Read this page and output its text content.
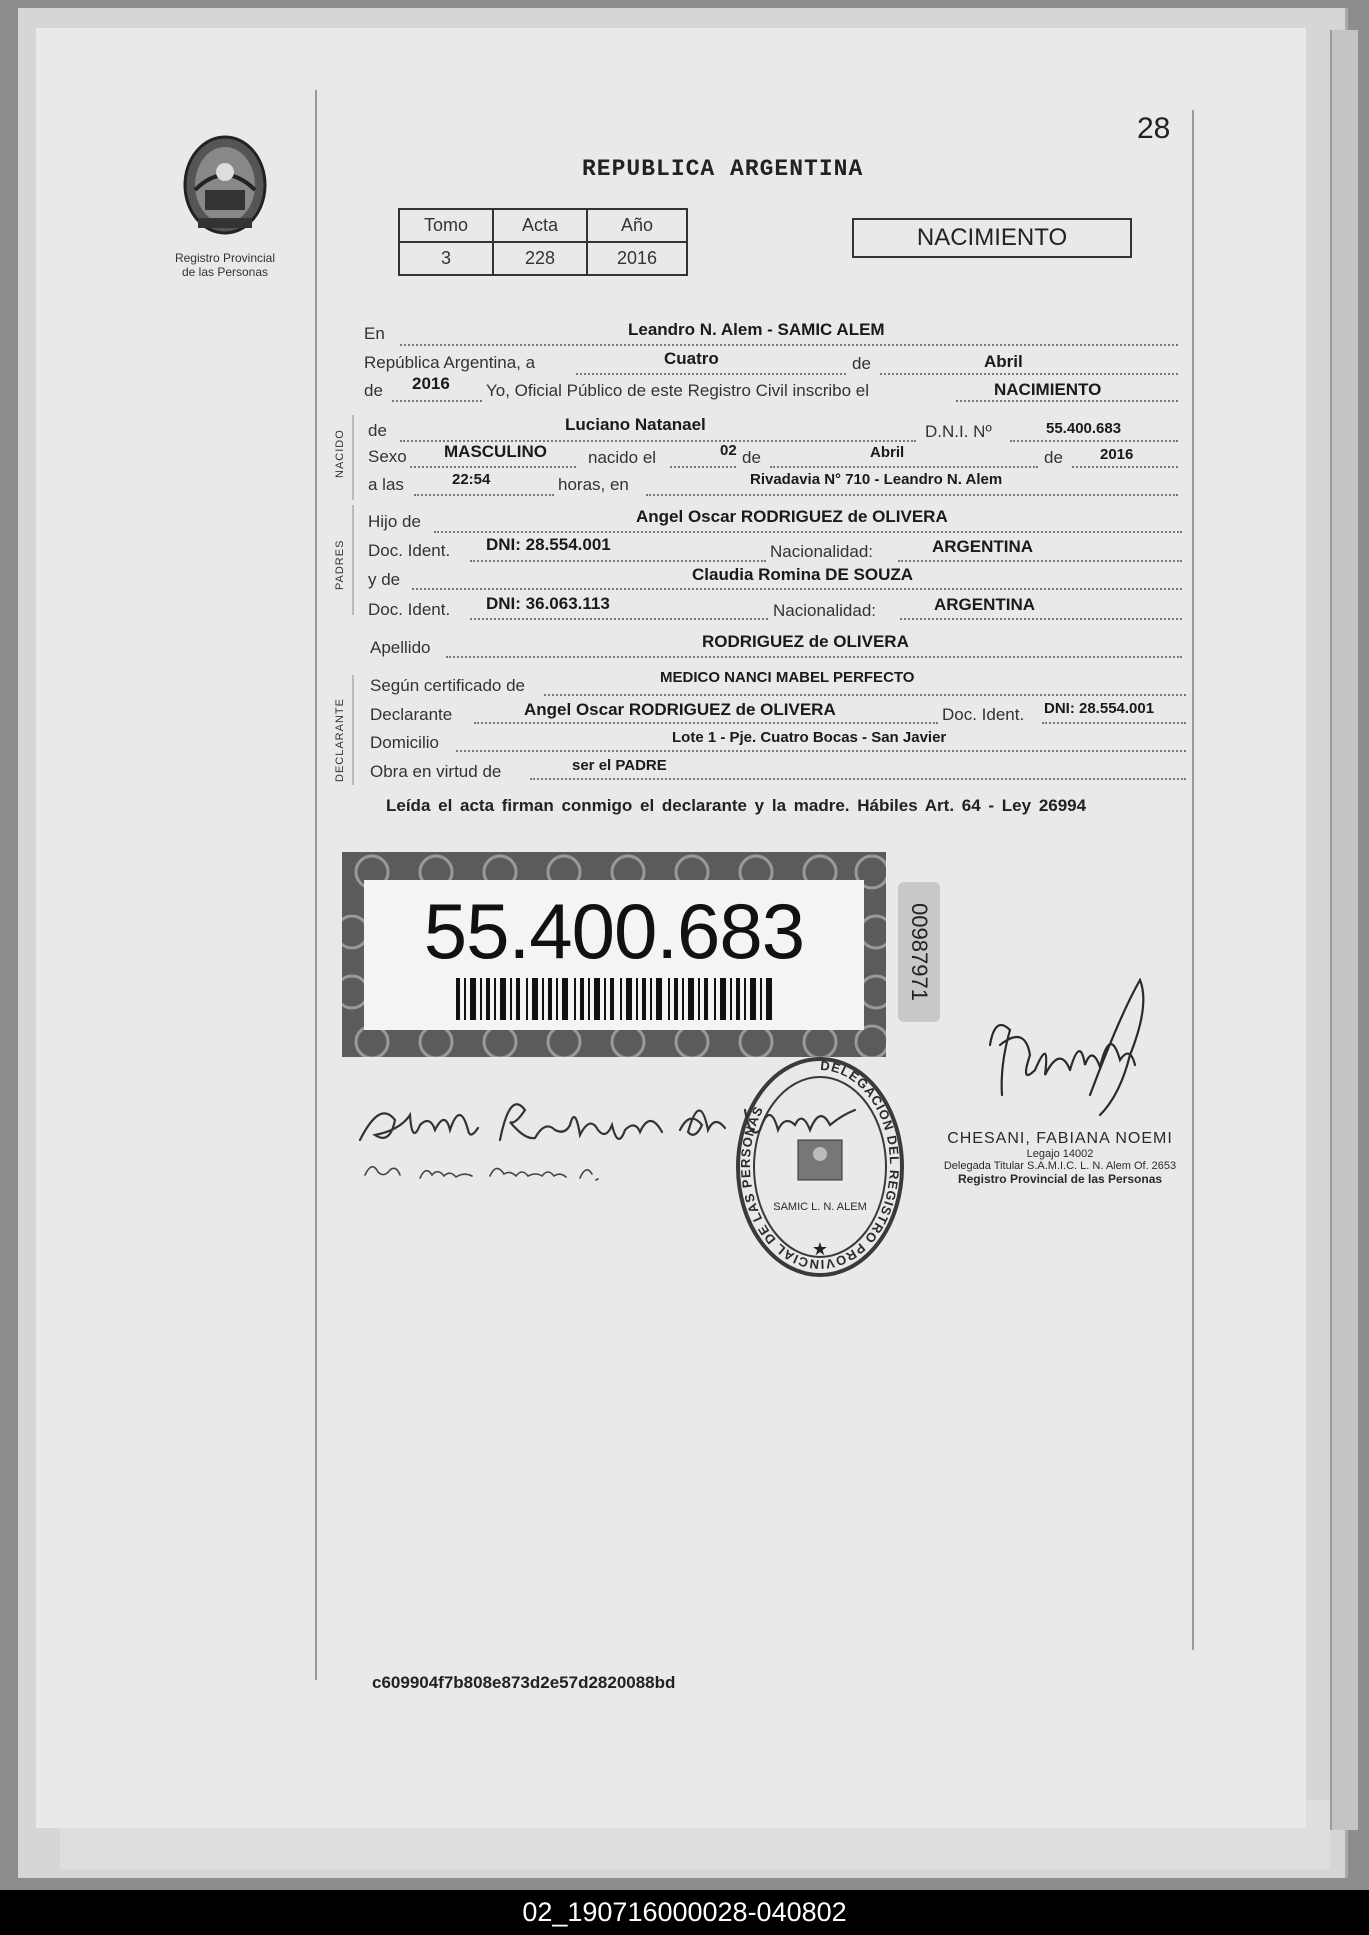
Registro Provincial
de las Personas
28
REPUBLICA ARGENTINA
Tomo	Acta	Año
3	228	2016
NACIMIENTO
NACIDO
PADRES
DECLARANTE
En	Leandro N. Alem - SAMIC ALEM
República Argentina, a	Cuatro	de	Abril
de 2016 Yo, Oficial Público de este Registro Civil inscribo el	NACIMIENTO
de	Luciano Natanael	D.N.I. Nº	55.400.683
Sexo MASCULINO nacido el	02 de	Abril	de 2016
a las	22:54	horas, en	Rivadavia N° 710 - Leandro N. Alem
Hijo de	Angel Oscar RODRIGUEZ de OLIVERA
Doc. Ident. DNI: 28.554.001	Nacionalidad:	ARGENTINA
y de	Claudia Romina DE SOUZA
Doc. Ident. DNI: 36.063.113	Nacionalidad:	ARGENTINA
Apellido	RODRIGUEZ de OLIVERA
Según certificado de	MEDICO NANCI MABEL PERFECTO
Declarante	Angel Oscar RODRIGUEZ de OLIVERA	Doc. Ident. DNI: 28.554.001
Domicilio	Lote 1 - Pje. Cuatro Bocas - San Javier
Obra en virtud de	ser el PADRE
Leída el acta firman conmigo el declarante y la madre. Hábiles Art. 64 - Ley 26994
55.400.683	00987971
DELEGACION DEL REGISTRO PROVINCIAL DE LAS PERSONAS
SAMIC L. N. ALEM
★
CHESANI, FABIANA NOEMI
Legajo 14002
Delegada Titular S.A.M.I.C. L. N. Alem Of. 2653
Registro Provincial de las Personas
c609904f7b808e873d2e57d2820088bd
02_190716000028-040802
